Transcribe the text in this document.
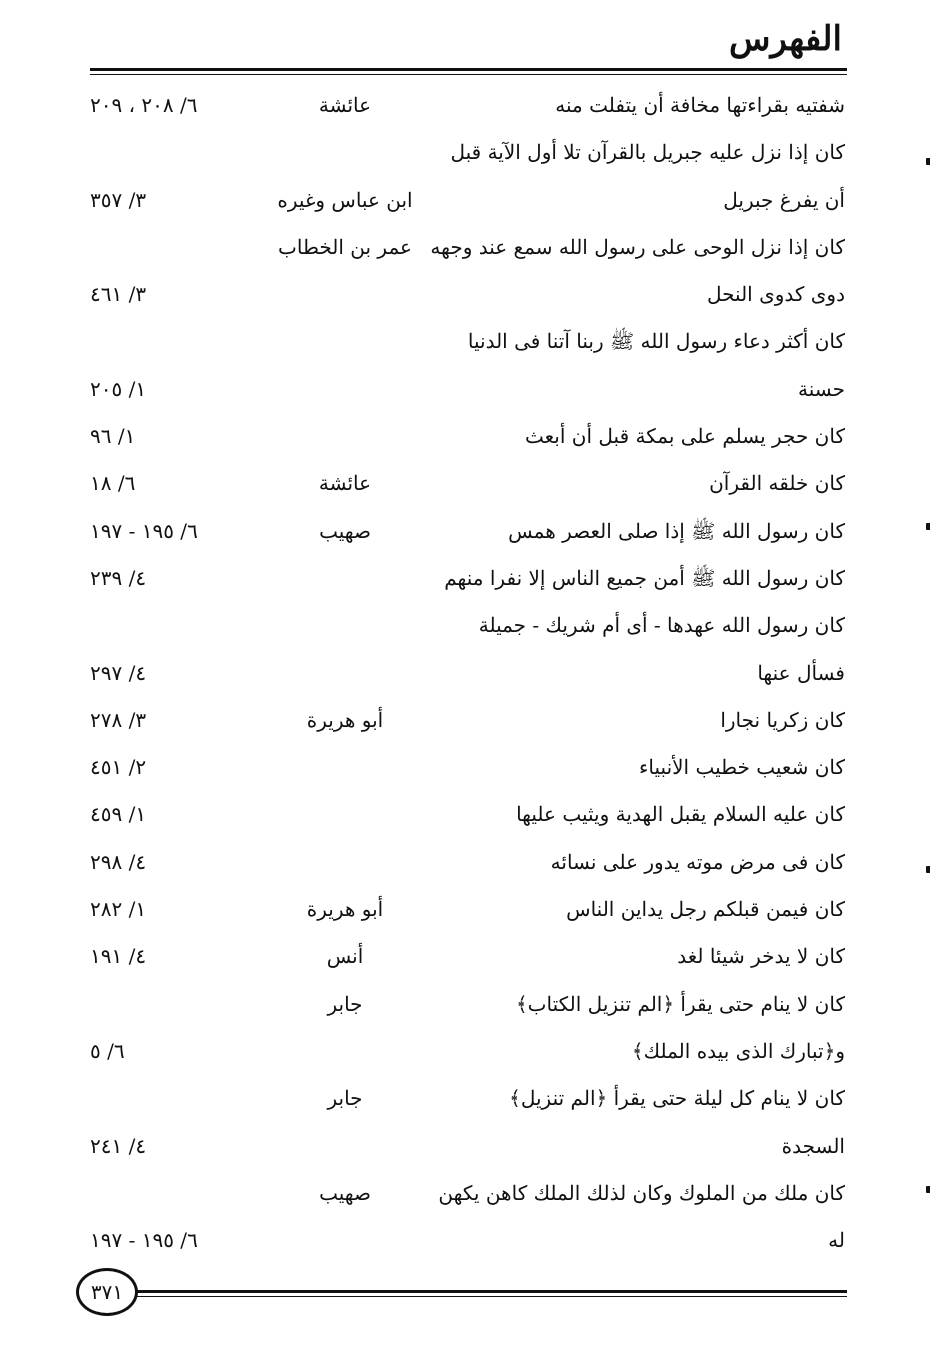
الفهرس
شفتيه بقراءتها مخافة أن يتفلت منه
عائشة
٦/ ٢٠٨ ، ٢٠٩
كان إذا نزل عليه جبريل بالقرآن تلا أول الآية قبل
أن يفرغ جبريل
ابن عباس وغيره
٣/ ٣٥٧
كان إذا نزل الوحى على رسول الله سمع عند وجهه
عمر بن الخطاب
دوى كدوى النحل
٣/ ٤٦١
كان أكثر دعاء رسول الله ﷺ ربنا آتنا فى الدنيا
حسنة
١/ ٢٠٥
كان حجر يسلم على بمكة قبل أن أبعث
١/ ٩٦
كان خلقه القرآن
عائشة
٦/ ١٨
كان رسول الله ﷺ إذا صلى العصر همس
صهيب
٦/ ١٩٥ - ١٩٧
كان رسول الله ﷺ أمن جميع الناس إلا نفرا منهم
٤/ ٢٣٩
كان رسول الله عهدها - أى أم شريك - جميلة
فسأل عنها
٤/ ٢٩٧
كان زكريا نجارا
أبو هريرة
٣/ ٢٧٨
كان شعيب خطيب الأنبياء
٢/ ٤٥١
كان عليه السلام يقبل الهدية ويثيب عليها
١/ ٤٥٩
كان فى مرض موته يدور على نسائه
٤/ ٢٩٨
كان فيمن قبلكم رجل يداين الناس
أبو هريرة
١/ ٢٨٢
كان لا يدخر شيئا لغد
أنس
٤/ ١٩١
كان لا ينام حتى يقرأ ﴿الم تنزيل الكتاب﴾
جابر
و﴿تبارك الذى بيده الملك﴾
٦/ ٥
كان لا ينام كل ليلة حتى يقرأ ﴿الم تنزيل﴾
جابر
السجدة
٤/ ٢٤١
كان ملك من الملوك وكان لذلك الملك كاهن يكهن
صهيب
له
٦/ ١٩٥ - ١٩٧
٣٧١
